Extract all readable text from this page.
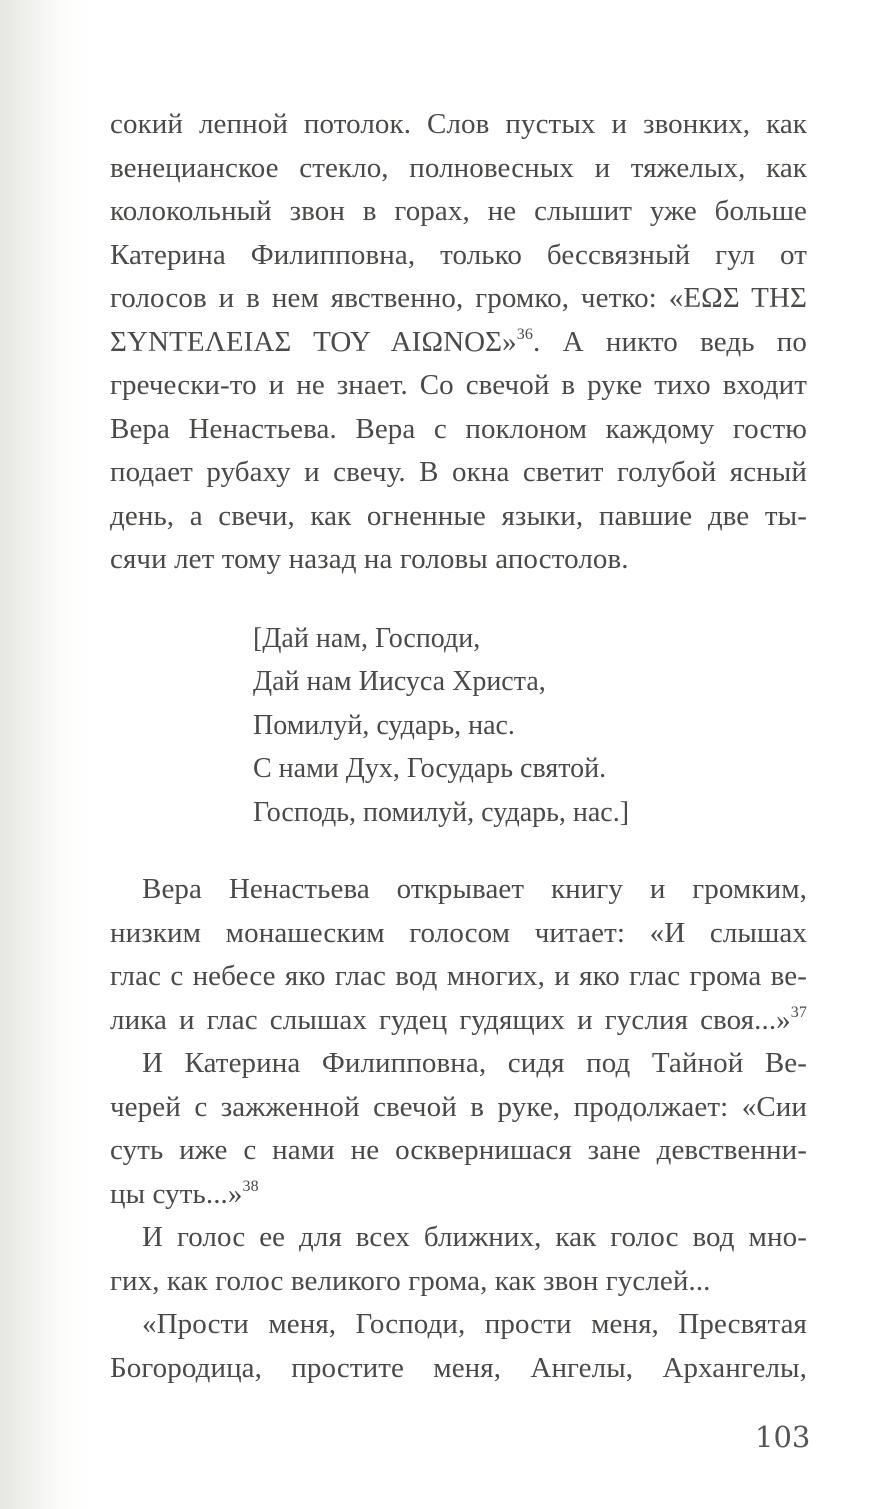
сокий лепной потолок. Слов пустых и звонких, как
венецианское стекло, полновесных и тяжелых, как
колокольный звон в горах, не слышит уже больше
Катерина Филипповна, только бессвязный гул от
голосов и в нем явственно, громко, четко: «ΕΩΣ ΤΗΣ
ΣΥΝΤΕΛΕΙΑΣ ΤΟΥ ΑΙΩΝΟΣ»$^{36}$. А никто ведь по
гречески-то и не знает. Со свечой в руке тихо входит
Вера Ненастьева. Вера с поклоном каждому гостю
подает рубаху и свечу. В окна светит голубой ясный
день, а свечи, как огненные языки, павшие две ты-
сячи лет тому назад на головы апостолов.
[Дай нам, Господи,
Дай нам Иисуса Христа,
Помилуй, сударь, нас.
С нами Дух, Государь святой.
Господь, помилуй, сударь, нас.]
Вера Ненастьева открывает книгу и громким,
низким монашеским голосом читает: «И слышах
глас с небесе яко глас вод многих, и яко глас грома ве-
лика и глас слышах гудец гудящих и гуслия своя...»$^{37}$
И Катерина Филипповна, сидя под Тайной Ве-
черей с зажженной свечой в руке, продолжает: «Сии
суть иже с нами не осквернишася зане девственни-
цы суть...»$^{38}$
И голос ее для всех ближних, как голос вод мно-
гих, как голос великого грома, как звон гуслей...
«Прости меня, Господи, прости меня, Пресвятая
Богородица, простите меня, Ангелы, Архангелы,
103
